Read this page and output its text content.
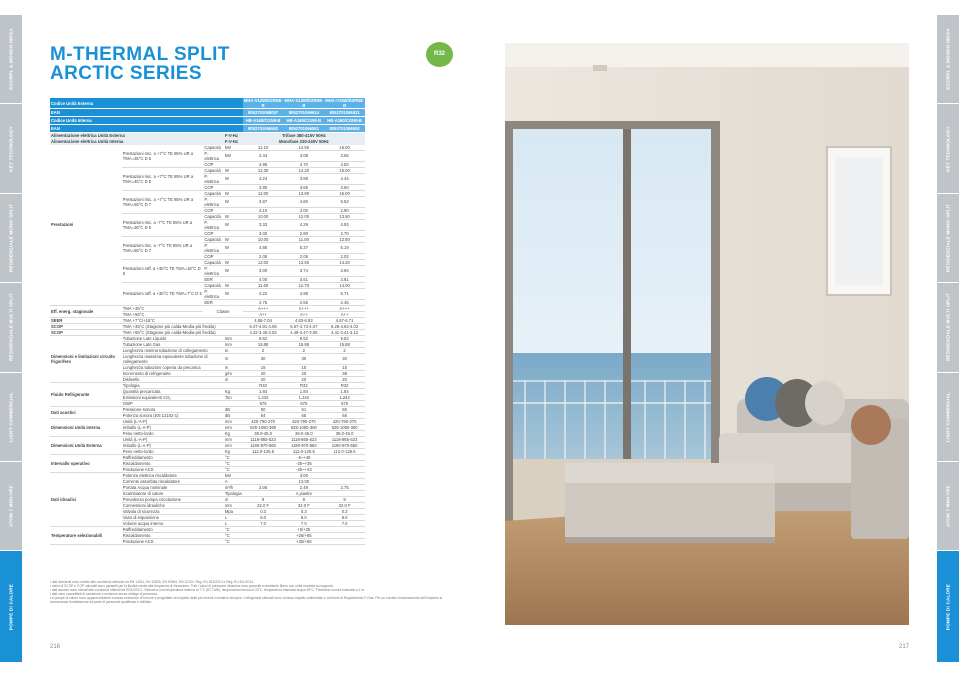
ECORPL & MONDO MOSA
KEY TECHNOLOGY
RESIDENZIALE MONO SPLIT
RESIDENZIALE MULTI SPLIT
LIGHT COMMERCIAL
ATOM 7 MINI-VRF
POMPE DI CALORE
ECORPL & MONDO MOSA
KEY TECHNOLOGY
RESIDENZIALE MONO SPLIT
RESIDENZIALE MULTI SPLIT
LIGHT COMMERCIAL
ATOM 7 MINI-VRF
POMPE DI CALORE
M-THERMAL SPLIT
ARCTIC SERIES
R32
Codice Unità Esterna				MHA-V12W/D2RN8-B	MHA-V14W/D2RN8-B	MHA-V16W/D2RN8-B
EAN				8052701068007	8052701066614	8052701066521
Codice Unità Interna				HB-A160/CGN8-B	HB-A160/CGN8-B	HB-A160/CGN8-B
EAN				8052701066552	8052701066552	8052701066552
Alimentazione elettrica Unità Esterna			F-V-Hz	Trifase 380-415V 50Hz		
Alimentazione elettrica Unità Interna			F-V-Hz	Monofase 220-240V 50Hz		
Prestazioni	Prestazioni risc. a +7°C TE 85% UR a TMA=35°C D 5	Capacità	kW	12.10	14.50	16.00
		P. elettrica	kW	2.44	3.08	3.56
		COP		4.95	4.70	4.50
	Prestazioni risc. a +7°C TE 85% UR a TMA=45°C D 5	Capacità	W	12.30	14.20	15.00
		P. elettrica	W	3.24	3.88	4.44
		COP		3.80	3.65	3.60
	Prestazioni risc. a +7°C TE 85% UR a TMA=55°C D 7	Capacità	W	12.00	13.80	15.00
		P. elettrica	W	3.87	4.60	5.52
		COP		3.10	3.00	2.90
	Prestazioni risc. a -7°C TE 85% UR a TMA=35°C D 5	Capacità	W	10.00	12.00	13.50
		P. elettrica	W	3.33	4.29	4.93
		COP		3.00	2.80	2.70
	Prestazioni risc. a -7°C TE 85% UR a TMA=55°C D 7	Capacità	W	10.00	11.00	12.50
		P. elettrica	W	4.86	5.37	6.19
		COP		2.05	2.05	2.02
	Prestazioni raff. a +35°C TE TMA=18°C D 5	Capacità	W	12.00	13.50	14.20
		P. elettrica	W	3.00	3.74	3.94
		EER		4.00	3.61	3.61
	Prestazioni raff. a +35°C TE TMA=7°C D 5	Capacità	W	11.60	12.70	14.00
		P. elettrica	W	4.22	4.98	5.71
		EER		2.75	2.55	2.45
Eff. energ. stagionale	TMA +35°C	Classe		A+++	A+++	A+++
	TMA +55°C			A++	A++	A++
SEER	TMA +7°C/+18°C			4.86-7.04	4.83-6.83	4.67-6.71
SCOP	TMA +35°C (Stagione più calda-Media-più fredda)			6.47-4.81-4.08	6.57-4.73-4.07	6.28-4.62-4.02
SCOP	TMA +55°C (Stagione più calda-Media-più fredda)			4.42-3.45-3.02	4.49-3.47-3.05	4.41-3.41-3.12
Dimensioni e limitazioni circuito frigorifero	Tubazione Lato Liquido		mm	9.52	9.52	9.52
	Tubazione Lato Gas		mm	15.88	15.88	15.88
	Lunghezza minima tubazione di collegamento		m	2	2	2
	Lunghezza massima equivalente tubazione di collegamento		m	30	30	30
	Lunghezza tubazioni coperta da precarica		m	15	15	15
	Incremento di refrigerante		g/m	20	20	38
	Dislivello		m	20	20	20
Fluido Refrigerante	Tipologia			R32	R32	R32
	Quantità precaricata		Kg	1.84	1.84	1.84
	Emissioni equivalenti CO₂		Ton	1.242	1.242	1.242
	GWP			675	675	675
Dati acustici	Pressione sonora		dB	50	51	55
	Potenza sonora (EN 12102-1)		dB	64	65	68
Dimensioni Unità interna	Unità (L-A-P)		mm	420-790-270	420-790-270	420-790-270
	Imballo (L-A-P)		mm	525-1050-360	525-1050-360	525-1050-360
	Peso netto-lordo		Kg	38.0-45.0	38.0-45.0	38.0-45.0
Dimensioni Unità Esterna	Unità (L-A-P)		mm	1118-865-523	1118-865-523	1118-865-523
	Imballo (L-A-P)		mm	1190-970-560	1190-970-560	1190-970-560
	Peso netto-lordo		Kg	112.0-125.5	112.0-125.5	112.0-125.5
Intervallo operativo	Raffreddamento		°C	-5~+46		
	Riscaldamento		°C	-25~+35		
	Produzione ACS		°C	-25~+43		
Dati idraulici	Potenza elettrica riscaldatore		kW	3.00		
	Corrente assorbita riscaldatore		A	13.00		
	Portata Acqua nominale		m³/h	2.06	2.49	2.75
	Scambiatore di calore		Tipologia	A piastre		
	Prevalenza pompa circolazione		m	9	9	9
	Connessioni idrauliche		mm	32.0 F	32.0 F	32.0 F
	Valvola di sicurezza		Mpa	0.3	0.3	0.3
	Vaso di espansione		L	8.0	8.0	8.0
	Volume acqua interno		L	7.0	7.0	7.0
Temperature selezionabili	Raffreddamento		°C	+5/+25		
	Riscaldamento		°C	+25/+65		
	Produzione ACS		°C	+30/+60		
I dati dichiarati sono relativi alle condizioni ottenute da EN 14511, EN 14825, EN 50564, EN 12102, Reg. EU 813/2013 e Reg. EU 811/2013.
I valori di SCOP e COP calcolati sono garantiti per la fluidità media alla frequenza di rilevazione. Tutti i valori di pressione dinamica sono garantiti in ambiente libero con unità montata su supporto.
I dati acustici sono rilevati alle condizioni ottimali da EN12102-1. Rilevati a una temperatura esterna di 7°C (6°C WB), temperatura interna di 20°C, temperatura mandata acqua 35°C. Pressione sonora misurata a 1 m.
I dati sono suscettibili di variazione e revisione senza obbligo di preavviso.
Le pompe di calore sono apparecchiature a bassa emissione di rumore e progettate nel rispetto delle più recenti normative europee. I refrigeranti utilizzati sono a basso impatto ambientale e conformi al Regolamento F-Gas. Per un corretto funzionamento dell'impianto si raccomanda l'installazione da parte di personale qualificato e abilitato.
216	217
